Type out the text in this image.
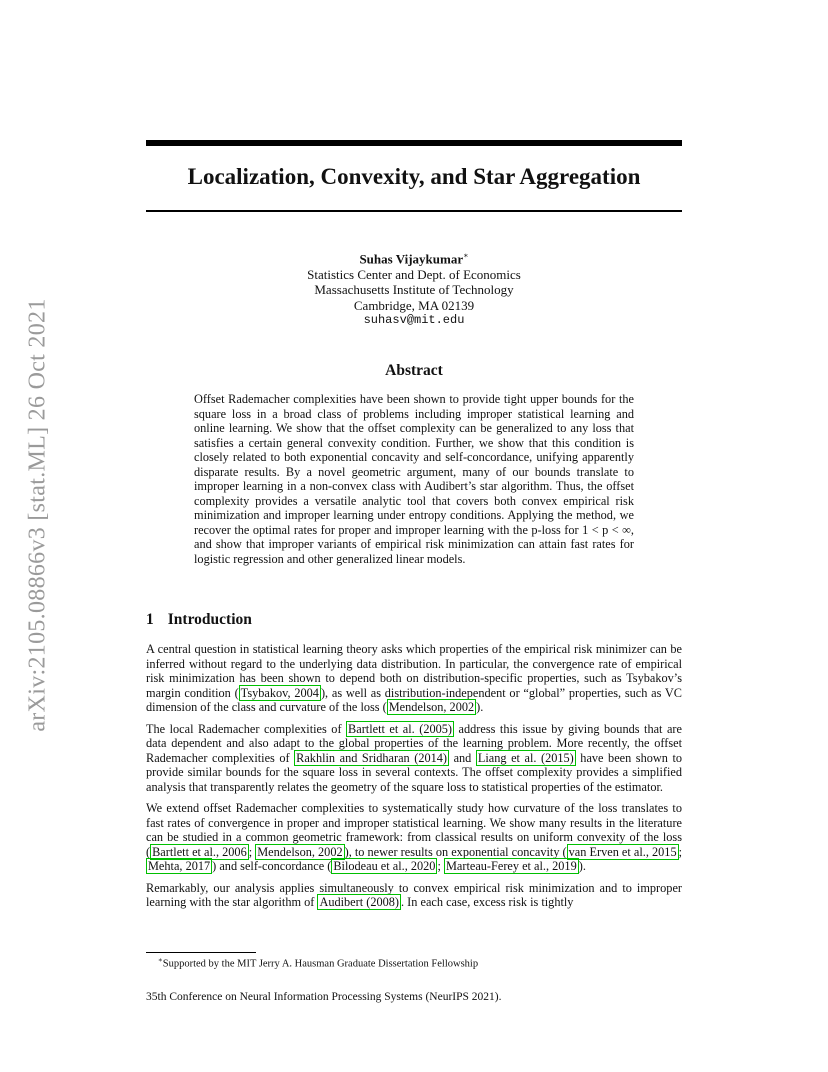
arXiv:2105.08866v3 [stat.ML] 26 Oct 2021
Localization, Convexity, and Star Aggregation
Suhas Vijaykumar∗
Statistics Center and Dept. of Economics
Massachusetts Institute of Technology
Cambridge, MA 02139
suhasv@mit.edu
Abstract
Offset Rademacher complexities have been shown to provide tight upper bounds for the square loss in a broad class of problems including improper statistical learning and online learning. We show that the offset complexity can be generalized to any loss that satisfies a certain general convexity condition. Further, we show that this condition is closely related to both exponential concavity and self-concordance, unifying apparently disparate results. By a novel geometric argument, many of our bounds translate to improper learning in a non-convex class with Audibert’s star algorithm. Thus, the offset complexity provides a versatile analytic tool that covers both convex empirical risk minimization and improper learning under entropy conditions. Applying the method, we recover the optimal rates for proper and improper learning with the p-loss for 1 < p < ∞, and show that improper variants of empirical risk minimization can attain fast rates for logistic regression and other generalized linear models.
1 Introduction

A central question in statistical learning theory asks which properties of the empirical risk minimizer can be inferred without regard to the underlying data distribution. In particular, the convergence rate of empirical risk minimization has been shown to depend both on distribution-specific properties, such as Tsybakov’s margin condition ( Tsybakov, 2004 ), as well as distribution-independent or “global” properties, such as VC dimension of the class and curvature of the loss ( Mendelson, 2002 ).

The local Rademacher complexities of Bartlett et al. (2005) address this issue by giving bounds that are data dependent and also adapt to the global properties of the learning problem. More recently, the offset Rademacher complexities of Rakhlin and Sridharan (2014) and Liang et al. (2015) have been shown to provide similar bounds for the square loss in several contexts. The offset complexity provides a simplified analysis that transparently relates the geometry of the square loss to statistical properties of the estimator.

We extend offset Rademacher complexities to systematically study how curvature of the loss translates to fast rates of convergence in proper and improper statistical learning. We show many results in the literature can be studied in a common geometric framework: from classical results on uniform convexity of the loss ( Bartlett et al., 2006 ; Mendelson, 2002 ), to newer results on exponential concavity ( van Erven et al., 2015 ; Mehta, 2017 ) and self-concordance ( Bilodeau et al., 2020 ; Marteau-Ferey et al., 2019 ).

Remarkably, our analysis applies simultaneously to convex empirical risk minimization and to improper learning with the star algorithm of Audibert (2008) . In each case, excess risk is tightly

∗Supported by the MIT Jerry A. Hausman Graduate Dissertation Fellowship
35th Conference on Neural Information Processing Systems (NeurIPS 2021).
